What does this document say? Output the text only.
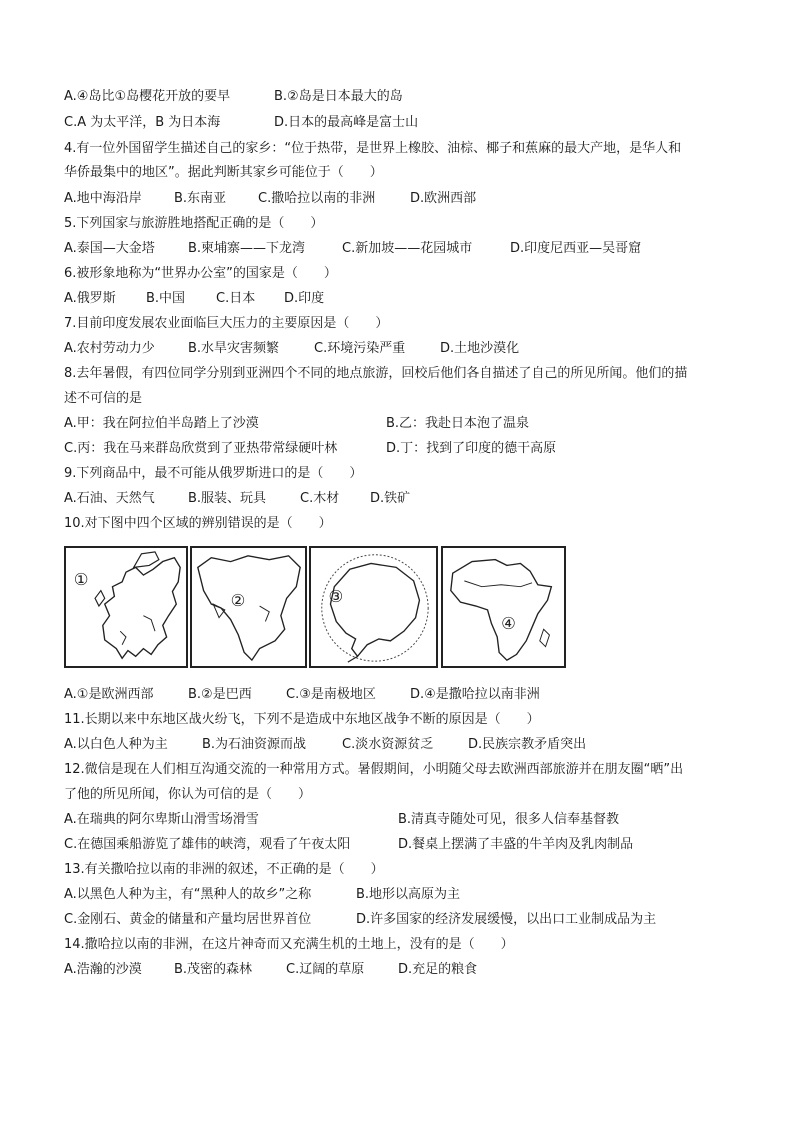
A.④岛比①岛樱花开放的要早	B.②岛是日本最大的岛
C.A 为太平洋，B 为日本海	D.日本的最高峰是富士山
4.有一位外国留学生描述自己的家乡：“位于热带，是世界上橡胶、油棕、椰子和蕉麻的最大产地，是华人和
华侨最集中的地区”。据此判断其家乡可能位于（　　）
A.地中海沿岸 B.东南亚 C.撒哈拉以南的非洲	D.欧洲西部
5.下列国家与旅游胜地搭配正确的是（　　）
A.泰国—大金塔	B.柬埔寨——下龙湾	C.新加坡——花园城市	D.印度尼西亚—吴哥窟
6.被形象地称为“世界办公室”的国家是（　　）
A.俄罗斯 B.中国 C.日本 D.印度
7.目前印度发展农业面临巨大压力的主要原因是（　　）
A.农村劳动力少	B.水旱灾害频繁	C.环境污染严重	D.土地沙漠化
8.去年暑假，有四位同学分别到亚洲四个不同的地点旅游，回校后他们各自描述了自己的所见所闻。他们的描
述不可信的是
A.甲：我在阿拉伯半岛踏上了沙漠	B.乙：我赴日本泡了温泉
C.丙：我在马来群岛欣赏到了亚热带常绿硬叶林	D.丁：找到了印度的德干高原
9.下列商品中，最不可能从俄罗斯进口的是（　　）
A.石油、天然气	B.服装、玩具	C.木材 D.铁矿
10.对下图中四个区域的辨别错误的是（　　）
①
②	③
④
A.①是欧洲西部	B.②是巴西	C.③是南极地区	D.④是撒哈拉以南非洲
11.长期以来中东地区战火纷飞，下列不是造成中东地区战争不断的原因是（　　）
A.以白色人种为主	B.为石油资源而战	C.淡水资源贫乏	D.民族宗教矛盾突出
12.微信是现在人们相互沟通交流的一种常用方式。暑假期间，小明随父母去欧洲西部旅游并在朋友圈“晒”出
了他的所见所闻，你认为可信的是（　　）
A.在瑞典的阿尔卑斯山滑雪场滑雪	B.清真寺随处可见，很多人信奉基督教
C.在德国乘船游览了雄伟的峡湾，观看了午夜太阳	D.餐桌上摆满了丰盛的牛羊肉及乳肉制品
13.有关撒哈拉以南的非洲的叙述，不正确的是（　　）
A.以黑色人种为主，有“黑种人的故乡”之称	B.地形以高原为主
C.金刚石、黄金的储量和产量均居世界首位	D.许多国家的经济发展缓慢，以出口工业制成品为主
14.撒哈拉以南的非洲，在这片神奇而又充满生机的土地上，没有的是（　　）
A.浩瀚的沙漠 B.茂密的森林	C.辽阔的草原	D.充足的粮食
